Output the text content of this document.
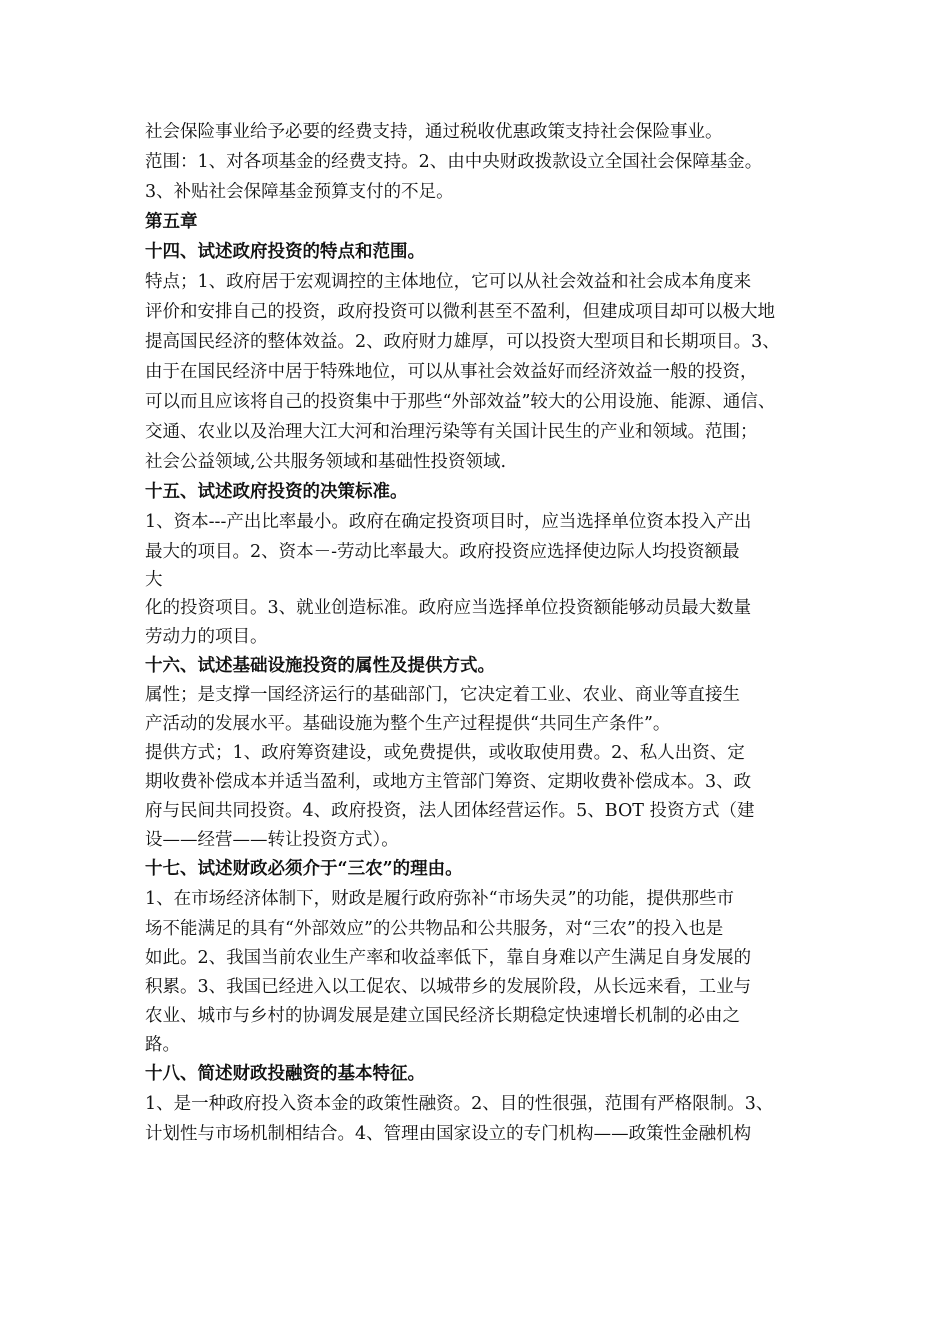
社会保险事业给予必要的经费支持，通过税收优惠政策支持社会保险事业。
范围：1、对各项基金的经费支持。2、由中央财政拨款设立全国社会保障基金。
3、补贴社会保障基金预算支付的不足。
第五章
十四、试述政府投资的特点和范围。
特点；1、政府居于宏观调控的主体地位，它可以从社会效益和社会成本角度来
评价和安排自己的投资，政府投资可以微利甚至不盈利，但建成项目却可以极大地
提高国民经济的整体效益。2、政府财力雄厚，可以投资大型项目和长期项目。3、
由于在国民经济中居于特殊地位，可以从事社会效益好而经济效益一般的投资，
可以而且应该将自己的投资集中于那些“外部效益”较大的公用设施、能源、通信、
交通、农业以及治理大江大河和治理污染等有关国计民生的产业和领域。范围；
社会公益领域,公共服务领域和基础性投资领域.
十五、试述政府投资的决策标准。
1、资本---产出比率最小。政府在确定投资项目时，应当选择单位资本投入产出
最大的项目。2、资本－-劳动比率最大。政府投资应选择使边际人均投资额最
大
化的投资项目。3、就业创造标准。政府应当选择单位投资额能够动员最大数量
劳动力的项目。
十六、试述基础设施投资的属性及提供方式。
属性；是支撑一国经济运行的基础部门，它决定着工业、农业、商业等直接生
产活动的发展水平。基础设施为整个生产过程提供“共同生产条件”。
提供方式；1、政府筹资建设，或免费提供，或收取使用费。2、私人出资、定
期收费补偿成本并适当盈利，或地方主管部门筹资、定期收费补偿成本。3、政
府与民间共同投资。4、政府投资，法人团体经营运作。5、BOT 投资方式（建
设——经营——转让投资方式）。
十七、试述财政必须介于“三农”的理由。
1、在市场经济体制下，财政是履行政府弥补“市场失灵”的功能，提供那些市
场不能满足的具有“外部效应”的公共物品和公共服务，对“三农”的投入也是
如此。2、我国当前农业生产率和收益率低下，靠自身难以产生满足自身发展的
积累。3、我国已经进入以工促农、以城带乡的发展阶段，从长远来看，工业与
农业、城市与乡村的协调发展是建立国民经济长期稳定快速增长机制的必由之
路。
十八、简述财政投融资的基本特征。
1、是一种政府投入资本金的政策性融资。2、目的性很强，范围有严格限制。3、
计划性与市场机制相结合。4、管理由国家设立的专门机构——政策性金融机构
